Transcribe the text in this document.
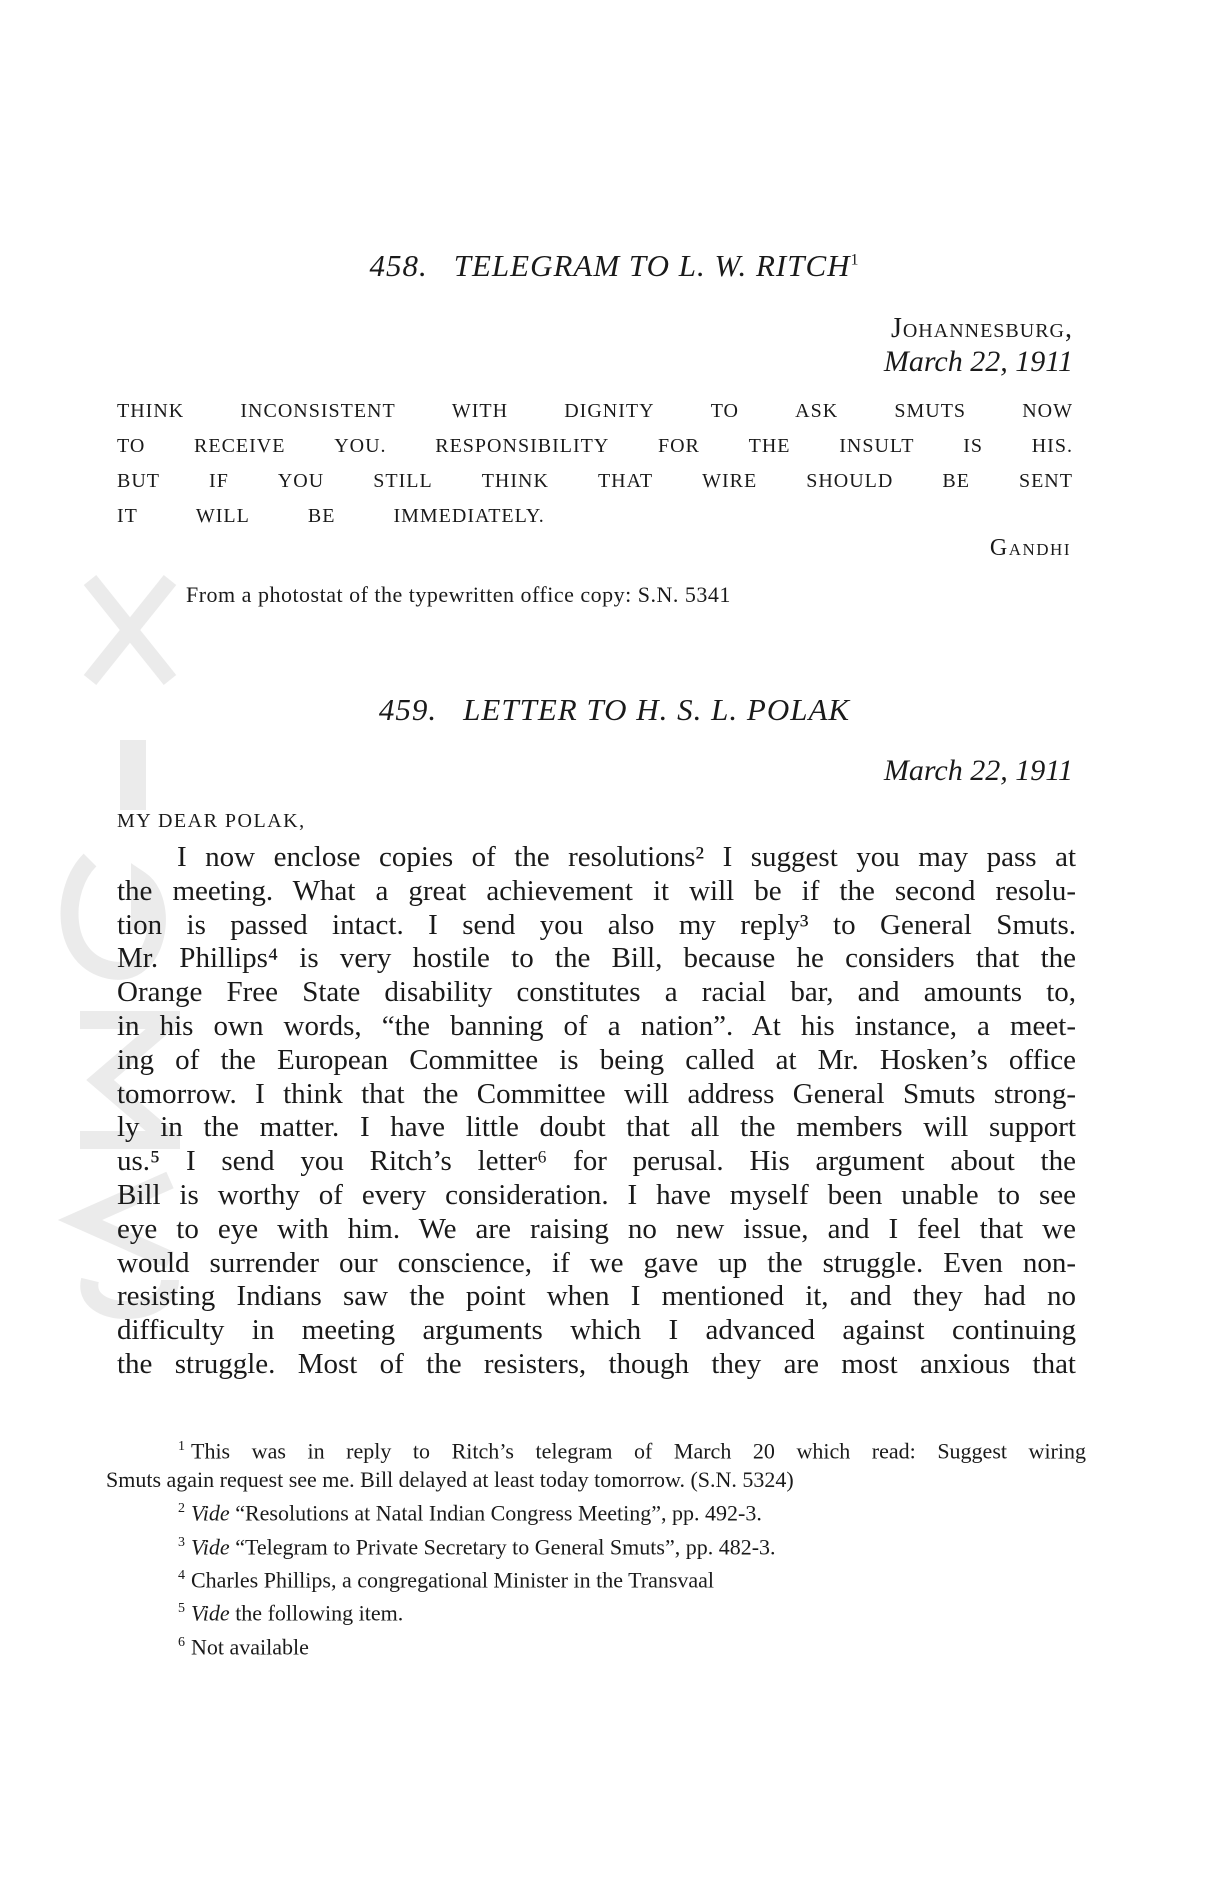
458. TELEGRAM TO L. W. RITCH$^1$

Johannesburg,

March 22, 1911

THINK	INCONSISTENT	WITH	DIGNITY	TO	ASK	SMUTS	NOW
TO RECEIVE YOU. RESPONSIBILITY FOR THE INSULT IS HIS.
BUT IF YOU STILL THINK THAT WIRE SHOULD BE SENT
IT	WILL	BE	IMMEDIATELY.

Gandhi

From a photostat of the typewritten office copy: S.N. 5341

459. LETTER TO H. S. L. POLAK

March 22, 1911

MY DEAR POLAK,

I now enclose copies of the resolutions² I suggest you may pass at
the meeting. What a great achievement it will be if the second resolu-
tion is passed intact. I send you also my reply³ to General Smuts.
Mr. Phillips⁴ is very hostile to the Bill, because he considers that the
Orange Free State disability constitutes a racial bar, and amounts to,
in his own words, “the banning of a nation”. At his instance, a meet-
ing of the European Committee is being called at Mr. Hosken’s office
tomorrow. I think that the Committee will address General Smuts strong-
ly in the matter. I have little doubt that all the members will support
us.⁵ I send you Ritch’s letter⁶ for perusal. His argument about the
Bill is worthy of every consideration. I have myself been unable to see
eye to eye with him. We are raising no new issue, and I feel that we
would surrender our conscience, if we gave up the struggle. Even non-
resisting Indians saw the point when I mentioned it, and they had no
difficulty in meeting arguments which I advanced against continuing
the struggle. Most of the resisters, though they are most anxious that
$^1$ This was in reply to Ritch’s telegram of March 20 which read: Suggest wiring
Smuts again request see me. Bill delayed at least today tomorrow. (S.N. 5324)
$^2$ Vide “Resolutions at Natal Indian Congress Meeting”, pp. 492-3.
$^3$ Vide “Telegram to Private Secretary to General Smuts”, pp. 482-3.
$^4$ Charles Phillips, a congregational Minister in the Transvaal
$^5$ Vide the following item.
$^6$ Not available
